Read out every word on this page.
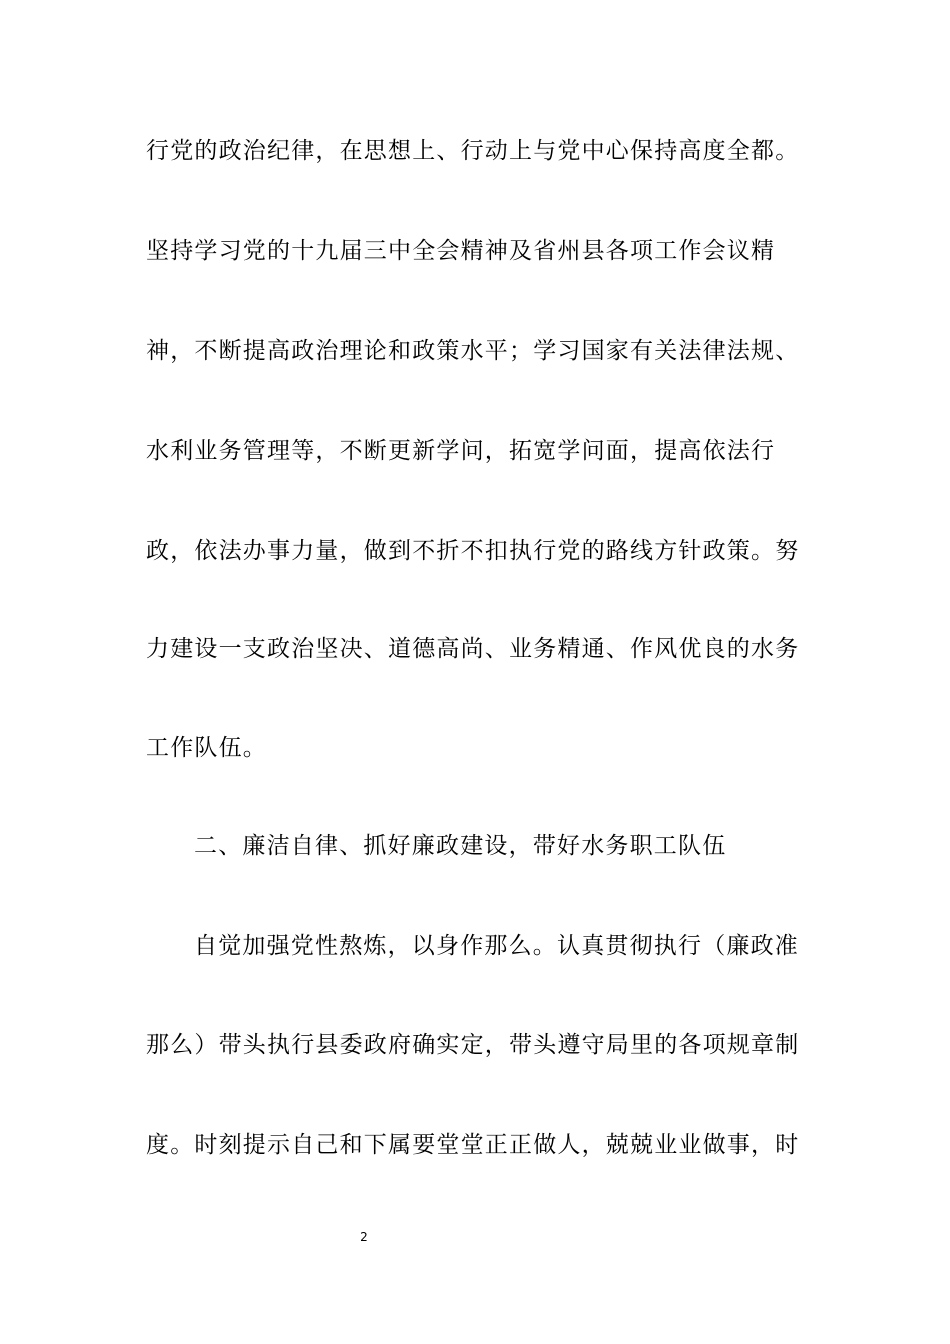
行党的政治纪律，在思想上、行动上与党中心保持高度全都。
坚持学习党的十九届三中全会精神及省州县各项工作会议精
神，不断提高政治理论和政策水平；学习国家有关法律法规、
水利业务管理等，不断更新学问，拓宽学问面，提高依法行
政，依法办事力量，做到不折不扣执行党的路线方针政策。努
力建设一支政治坚决、道德高尚、业务精通、作风优良的水务
工作队伍。
二、廉洁自律、抓好廉政建设，带好水务职工队伍
自觉加强党性熬炼，以身作那么。认真贯彻执行（廉政准
那么）带头执行县委政府确实定，带头遵守局里的各项规章制
度。时刻提示自己和下属要堂堂正正做人，兢兢业业做事，时
2
